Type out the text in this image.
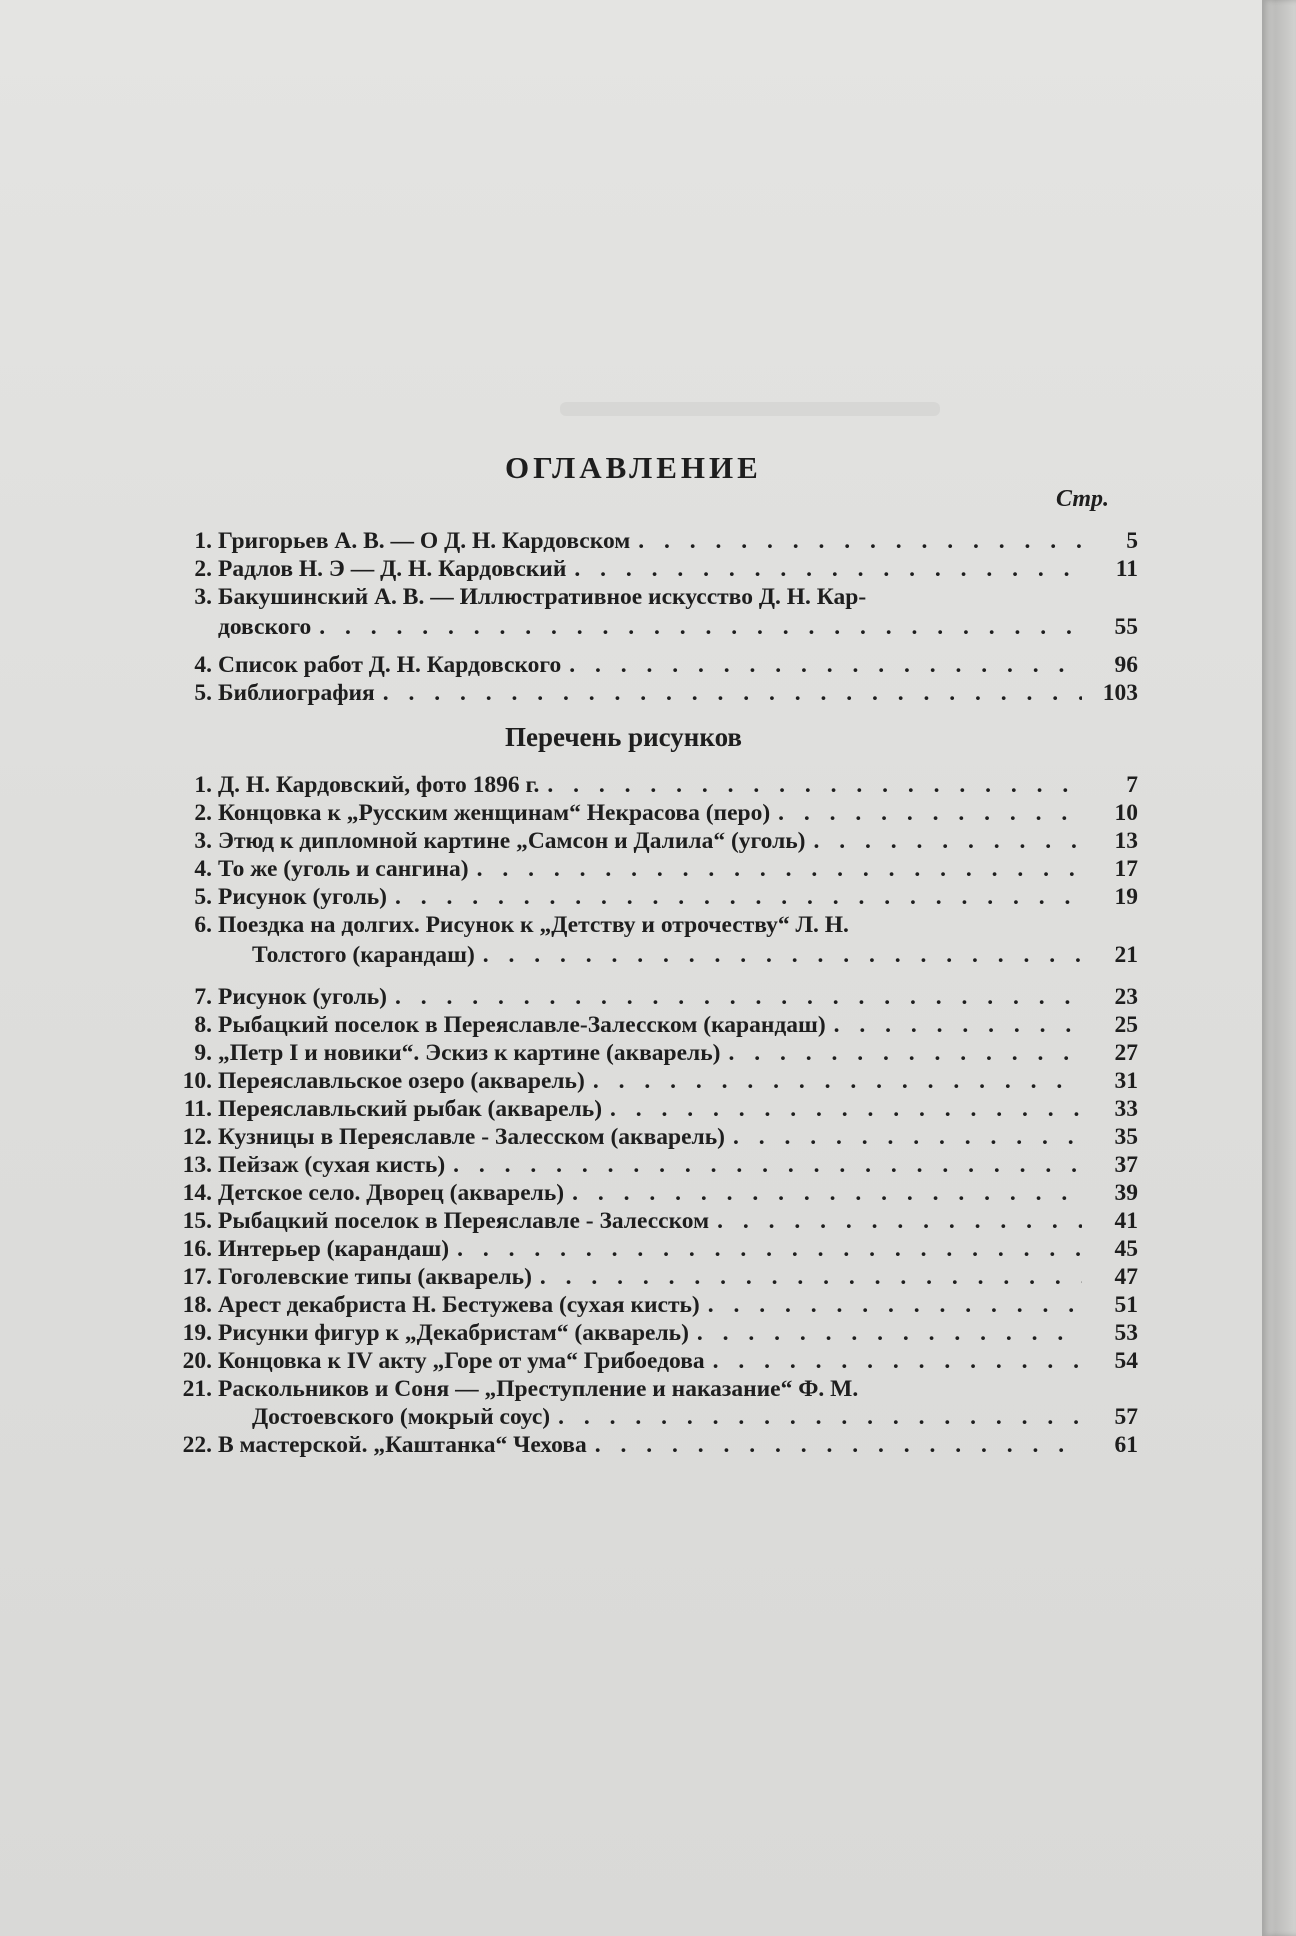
ОГЛАВЛЕНИЕ
Стр.
1. Григорьев А. В. — О Д. Н. Кардовском . . .	5
2. Радлов Н. Э — Д. Н. Кардовский . . .	11
3. Бакушинский А. В. — Иллюстративное искусство Д. Н. Кар-
довского . . .	55
4. Список работ Д. Н. Кардовского . . .	96
5. Библиография . . .	103
Перечень рисунков
1. Д. Н. Кардовский, фото 1896 г. . . .	7
2. Концовка к „Русским женщинам“ Некрасова (перо) . . .	10
3. Этюд к дипломной картине „Самсон и Далила“ (уголь) . . .	13
4. То же (уголь и сангина) . . .	17
5. Рисунок (уголь) . . .	19
6. Поездка на долгих. Рисунок к „Детству и отрочеству“ Л. Н.
Толстого (карандаш) . . .	21
7. Рисунок (уголь) . . .	23
8. Рыбацкий поселок в Переяславле-Залесском (карандаш) . . .	25
9. „Петр I и новики“. Эскиз к картине (акварель) . . .	27
10. Переяславльское озеро (акварель) . . .	31
11. Переяславльский рыбак (акварель) . . .	33
12. Кузницы в Переяславле - Залесском (акварель) . . .	35
13. Пейзаж (сухая кисть) . . .	37
14. Детское село. Дворец (акварель) . . .	39
15. Рыбацкий поселок в Переяславле - Залесском . . .	41
16. Интерьер (карандаш) . . .	45
17. Гоголевские типы (акварель) . . .	47
18. Арест декабриста Н. Бестужева (сухая кисть) . . .	51
19. Рисунки фигур к „Декабристам“ (акварель) . . .	53
20. Концовка к IV акту „Горе от ума“ Грибоедова . . .	54
21. Раскольников и Соня — „Преступление и наказание“ Ф. М.
Достоевского (мокрый соус) . . .	57
22. В мастерской. „Каштанка“ Чехова . . .	61
